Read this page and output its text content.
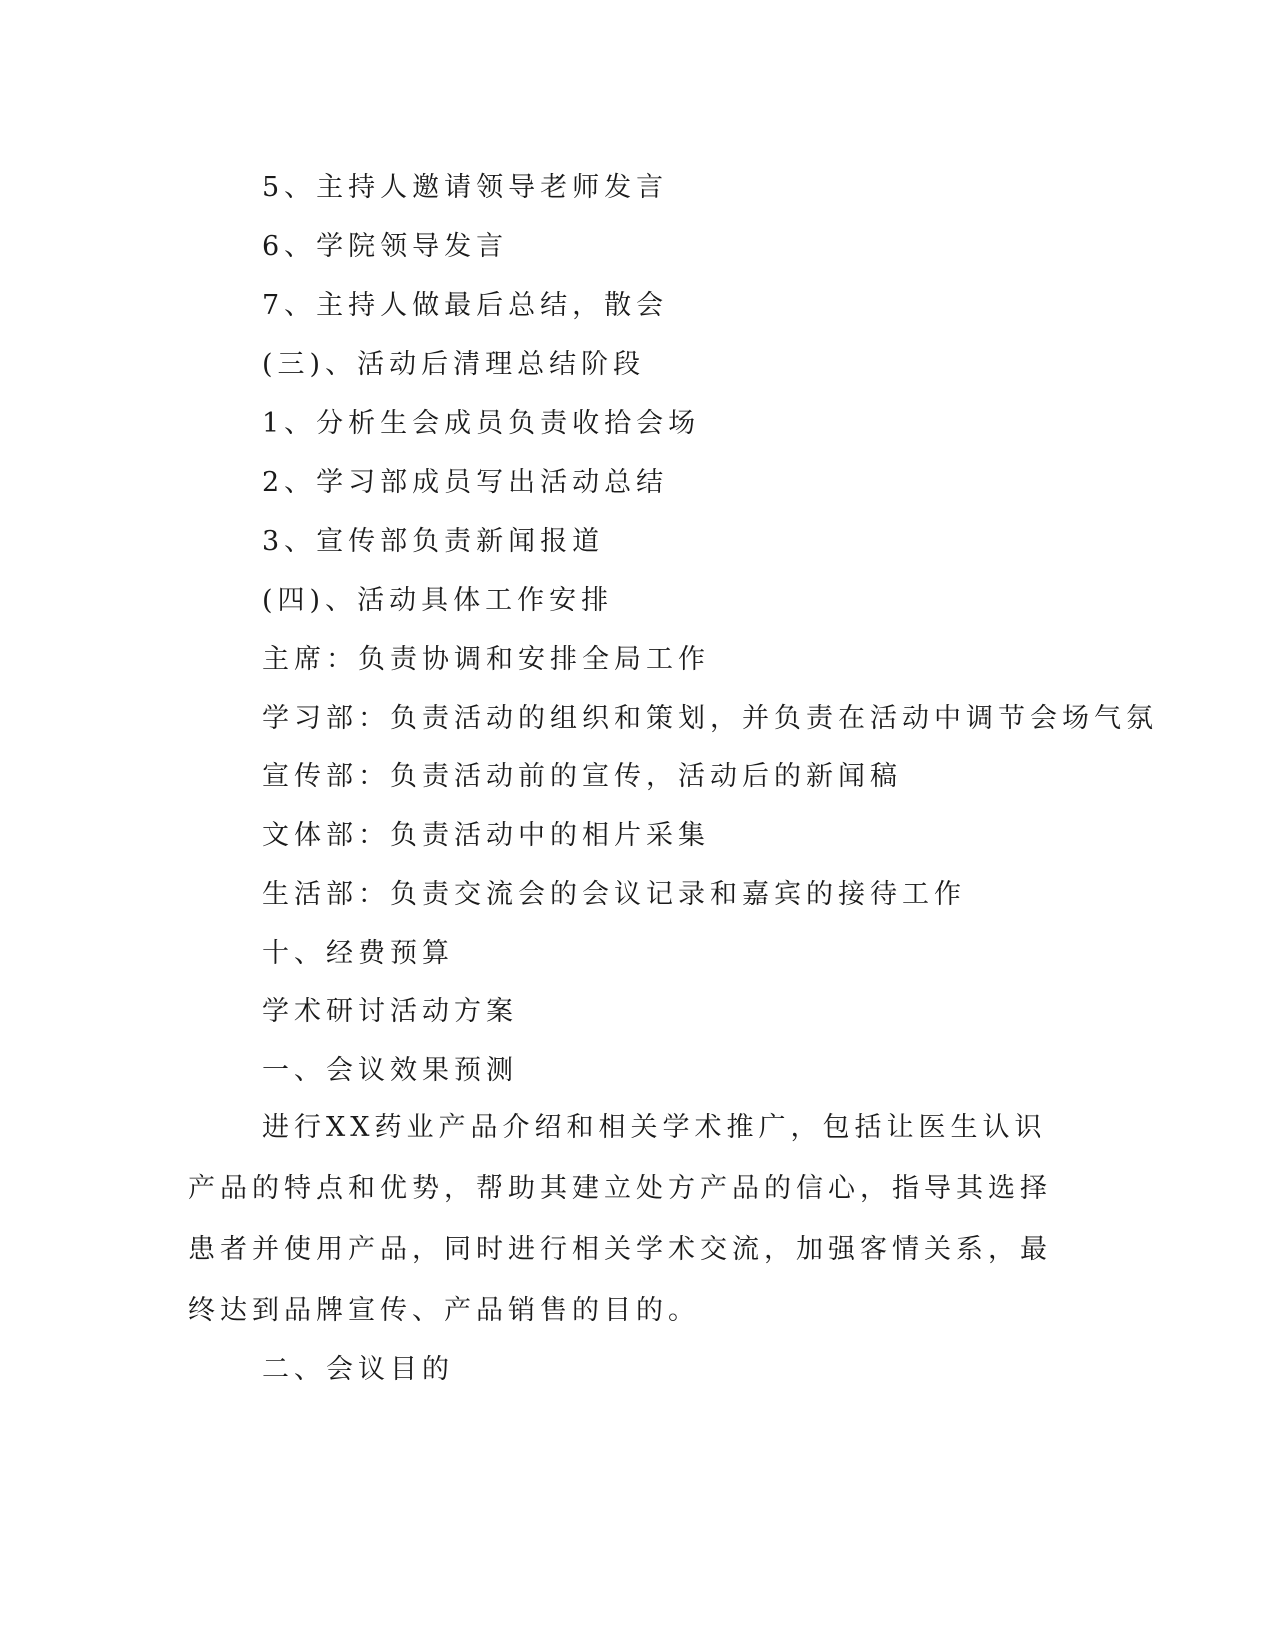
5、主持人邀请领导老师发言
6、学院领导发言
7、主持人做最后总结，散会
(三)、活动后清理总结阶段
1、分析生会成员负责收拾会场
2、学习部成员写出活动总结
3、宣传部负责新闻报道
(四)、活动具体工作安排
主席：负责协调和安排全局工作
学习部：负责活动的组织和策划，并负责在活动中调节会场气氛
宣传部：负责活动前的宣传，活动后的新闻稿
文体部：负责活动中的相片采集
生活部：负责交流会的会议记录和嘉宾的接待工作
十、经费预算
学术研讨活动方案
一、会议效果预测
进行XX药业产品介绍和相关学术推广，包括让医生认识产品的特点和优势，帮助其建立处方产品的信心，指导其选择患者并使用产品，同时进行相关学术交流，加强客情关系，最终达到品牌宣传、产品销售的目的。
二、会议目的
